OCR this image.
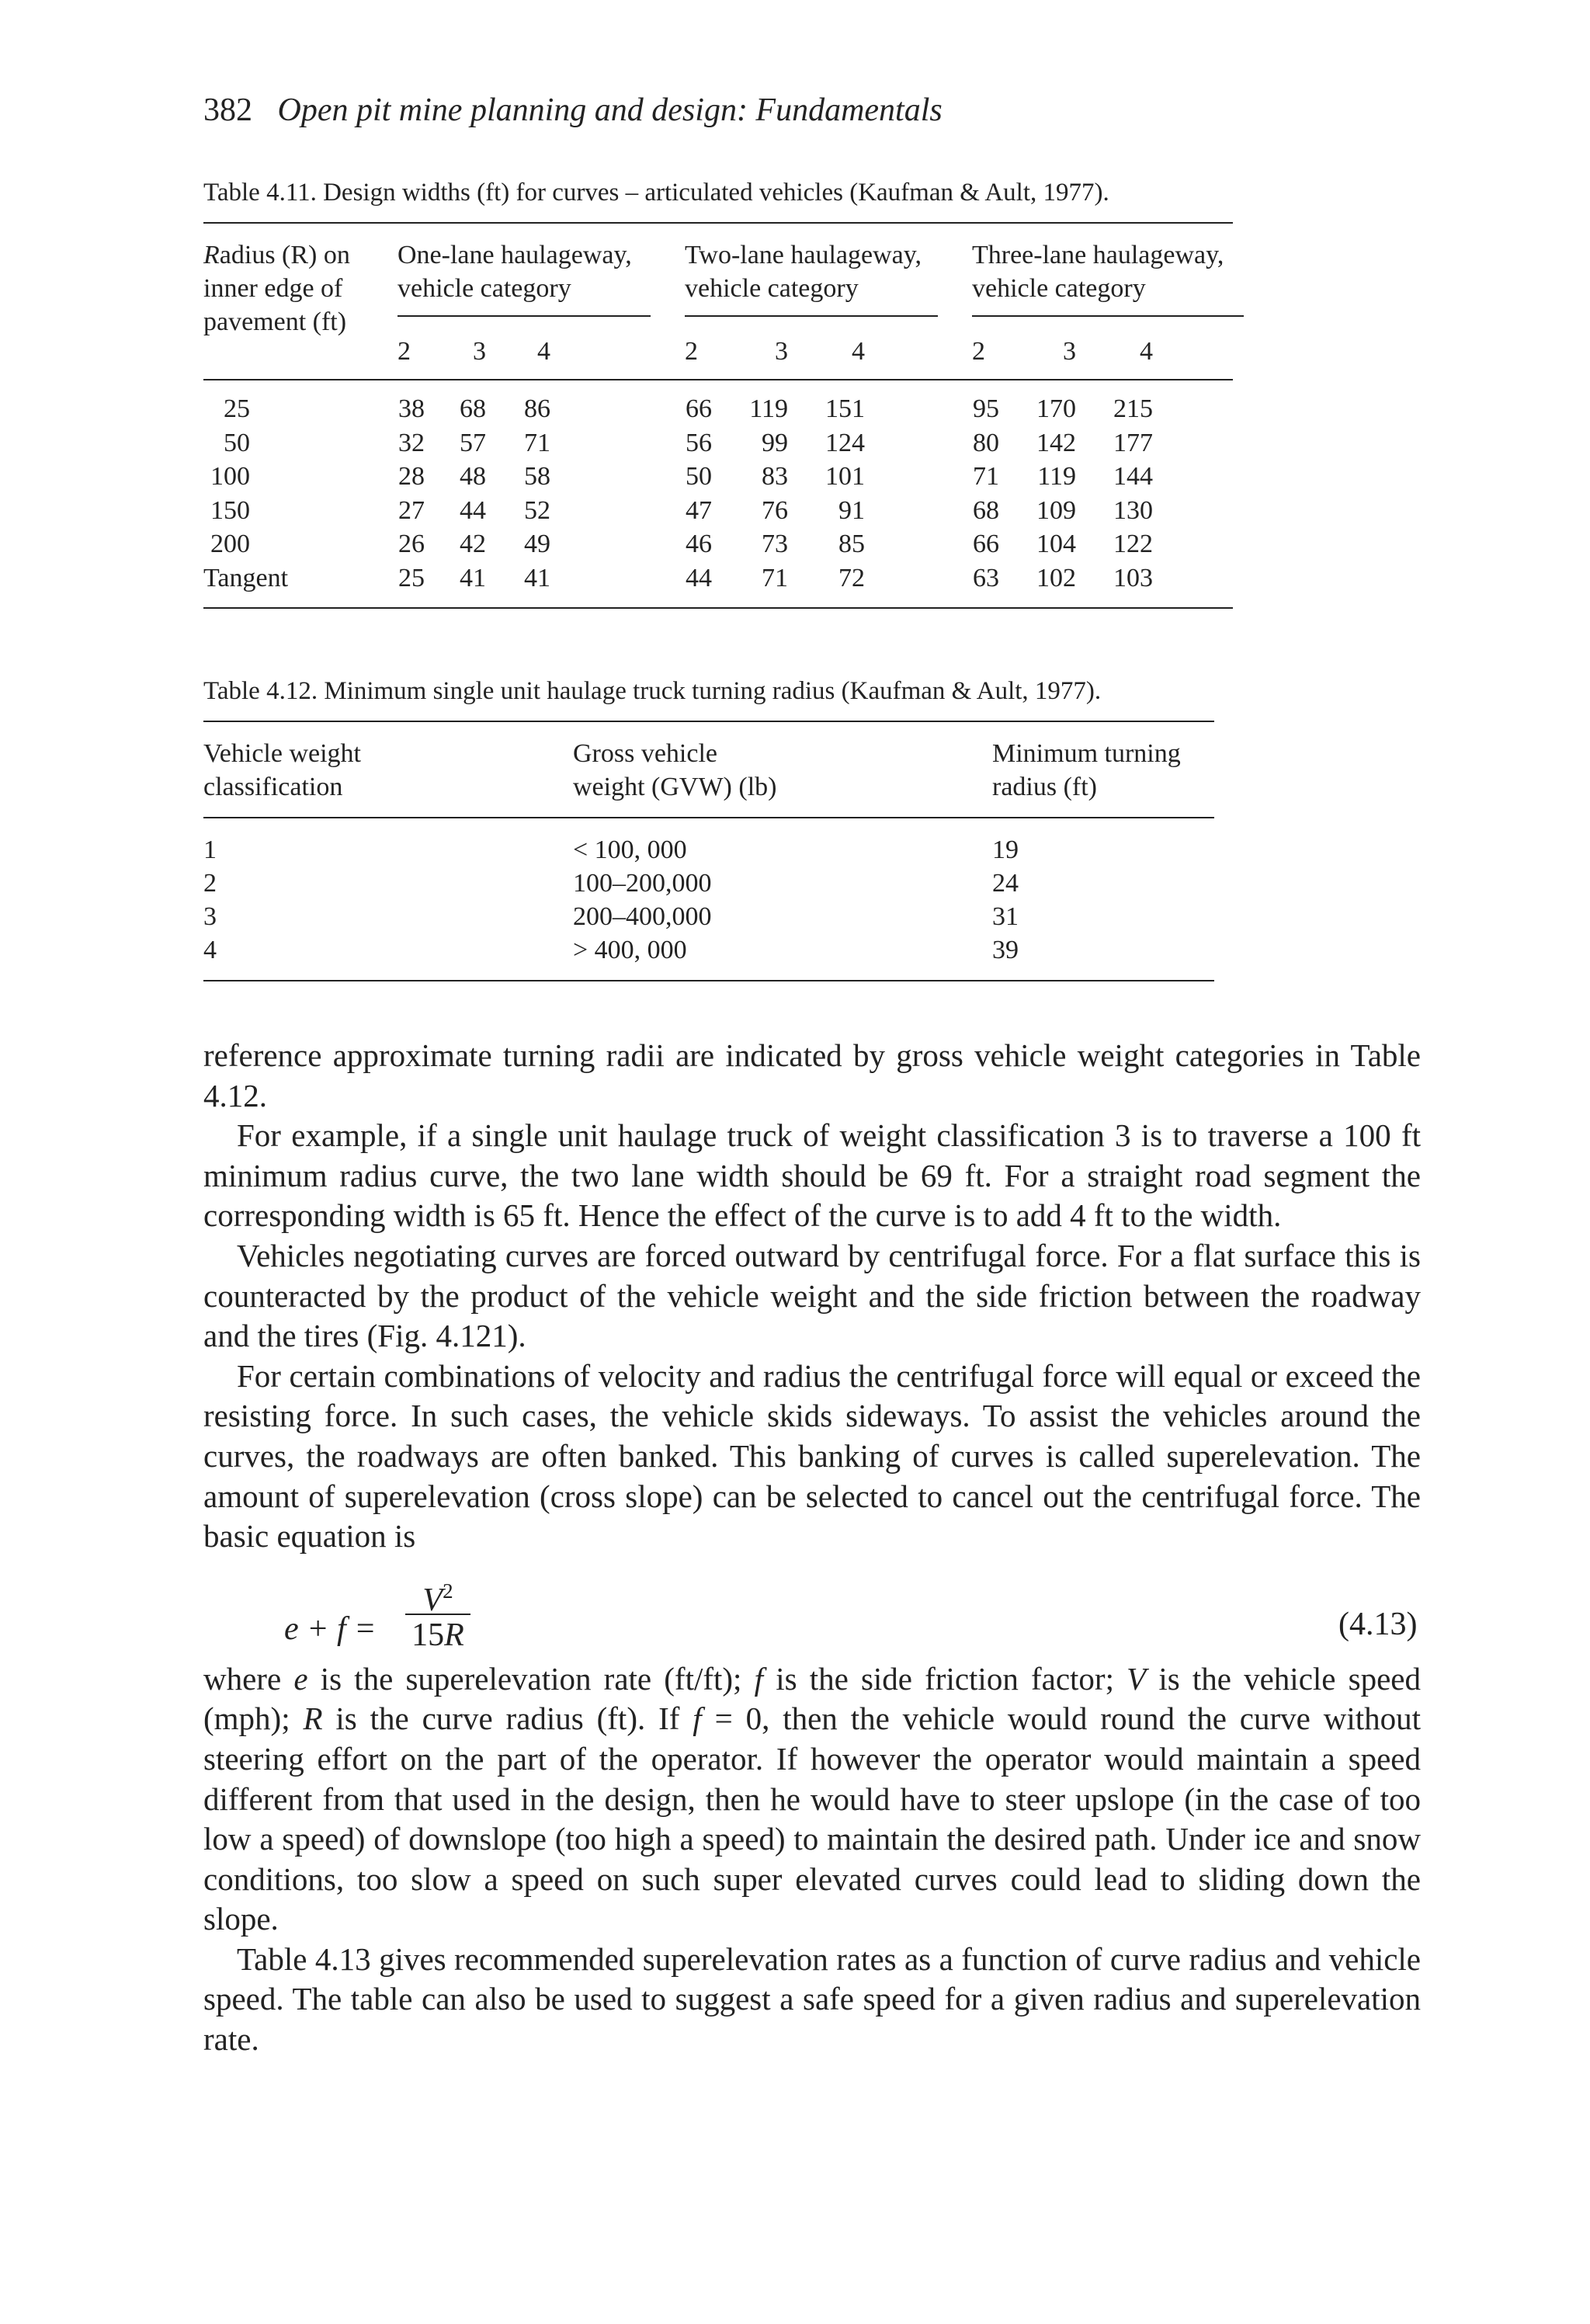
382 Open pit mine planning and design: Fundamentals
Table 4.11. Design widths (ft) for curves – articulated vehicles (Kaufman & Ault, 1977).
Radius (R) on
inner edge of
pavement (ft)
One-lane haulageway,
vehicle category
Two-lane haulageway,
vehicle category
Three-lane haulageway,
vehicle category
2	3	4	2	3	4	2	3	4
25	38	68	86	66	119	151	95	170	215
50	32	57	71	56	99	124	80	142	177
100	28	48	58	50	83	101	71	119	144
150	27	44	52	47	76	91	68	109	130
200	26	42	49	46	73	85	66	104	122
Tangent	25	41	41	44	71	72	63	102	103
Table 4.12. Minimum single unit haulage truck turning radius (Kaufman & Ault, 1977).
Vehicle weight
classification
Gross vehicle
weight (GVW) (lb)
Minimum turning
radius (ft)
1	< 100, 000	19
2	100–200,000	24
3	200–400,000	31
4	> 400, 000	39

reference approximate turning radii are indicated by gross vehicle weight categories in Table 4.12.

For example, if a single unit haulage truck of weight classification 3 is to traverse a 100 ft minimum radius curve, the two lane width should be 69 ft. For a straight road segment the corresponding width is 65 ft. Hence the effect of the curve is to add 4 ft to the width.

Vehicles negotiating curves are forced outward by centrifugal force. For a flat surface this is counteracted by the product of the vehicle weight and the side friction between the roadway and the tires (Fig. 4.121).

For certain combinations of velocity and radius the centrifugal force will equal or exceed the resisting force. In such cases, the vehicle skids sideways. To assist the vehicles around the curves, the roadways are often banked. This banking of curves is called superelevation. The amount of superelevation (cross slope) can be selected to cancel out the centrifugal force. The basic equation is

where e is the superelevation rate (ft/ft); f is the side friction factor; V is the vehicle speed (mph); R is the curve radius (ft). If f = 0, then the vehicle would round the curve without steering effort on the part of the operator. If however the operator would maintain a speed different from that used in the design, then he would have to steer upslope (in the case of too low a speed) of downslope (too high a speed) to maintain the desired path. Under ice and snow conditions, too slow a speed on such super elevated curves could lead to sliding down the slope.

Table 4.13 gives recommended superelevation rates as a function of curve radius and vehicle speed. The table can also be used to suggest a safe speed for a given radius and superelevation rate.

e + f =
$V^2$
15R	(4.13)
